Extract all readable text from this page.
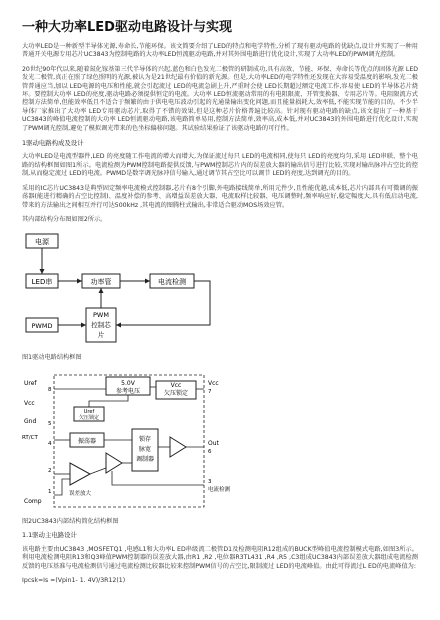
一种大功率LED驱动电路设计与实现
大功率LED是一种新型半导体光源,寿命长,节能环保。该文简要介绍了LED的特点和电学特性,分析了现有驱动电路的优缺点,设计并实现了一种用普通开关电源专用芯片UC3843为控制电路的大功率LED恒流驱动电路,并对其外围电路进行优化设计,实现了大功率LED的PWM调光控制。
20世纪90年代以来,随着氮化镓基第三代半导体的兴起,蓝色和白色发光二极管的研制成功,具有高效、节能、环保、寿命长等优点的固体光源 LED发光二极管,真正在照了绿色照明的光源,被认为是21世纪最有价值的新光源。但是,大功率LED的电学特性还发现在大容易受温度的影响,发光二极管普通应当,加以 LED电源的电压和性能,就会引起流过 LED的电流急剧上升,严重时会使 LED长期超过额定电流工作,容易使 LED的半导体芯片烧坏。要控制大功率 LED的亮度,驱动电路必须提供恒定的电流。大功率 LED恒流驱动常用的有电阻限流、开管变换器、专用芯片等。电阻限流方式控制方法简单,但能效率低且不适合于频繁的由于供电电压波动引起的光通量输出变化问题,而且能量损耗大,效率低,不能实现节能的目的。不少半导体厂家推出了大功率 LED专用驱动芯片,取得了不错的效果,但是这种芯片价格普遍比较高。针对现有驱动电路的缺点,该文提出了一种基于UC3843的峰值电流控制的大功率 LED恒流驱动电路,该电路简单易用,控制方法简单,效率高,成本低,并对UC3843的外围电路进行优化设计,实现了PWM调光控制,避免了模拟调光带来的色坐标偏移问题。其试验结果验证了该驱动电路的可行性。
1驱动电路构成及设计
大功率LED是电流型器件,LED 的亮度随工作电流的增大而增大,为保证流过每只 LED的电流相同,使每只 LED的亮度均匀,采用 LED串联、整个电路的结构框图如图1所示。电流检测为PWM控制电路提供反馈,与PWM控制芯片内的误差放大器的输出信号进行比较,实现对输出脉冲占空比的控制,从而稳定流过 LED的电流。PWMD是数字调光脉冲信号输入,通过调节其占空比可以调节 LED的亮度,达到调光的目的。
采用的IC芯片UC3843是典型固定频率电流模式控制器,芯片有8个引脚,外电路接线简单,所用元件少,且性能优越,成本低,芯片内部具有可微调的振荡器(能进行精确的占空比控制)、温度补偿的参考、高增益误差放大器、电流取样比较器、电压调整时,频率响应好,稳定幅度大,具有低启动电流,带来的方法输出之间相互并行可达500kHz ,其电流的图腾柱式输出,非常适合驱动MOS场效应管。
其内部结构分布图如图2所示。
电源
LED串	功率管	电流检测
PWM
控制芯
片
PWMD
图1驱动电路结构框图
5.0V
参考电压
Vcc
欠压锁定
Uref
欠压锁定
振荡器	锁存
脉宽
调制器
误差放大
Uref
8
Vcc
Gnd 5
RT/CT
4
2
1
Comp
Vcc
7
Out
6
3
电流检测
图2UC3843内部结构简化结构框图
1.1驱动主电路设计
该电路主要由UC3843 ,MOSFETQ1 ,电感L1和大功率L ED串级流二极管D1及检测电阻R12组成的BUCK型峰值电流控制模式电路,如图3所示。利用电流检测电阻R13和Q3峰值PWM控制器的误差放大器,由R1 ,R2 ,电位器R3TL431 ,R4 ,R5 ,C3组成UC3843内部误差放大器组成电流检测反馈的电压基准与电流检测信号通过电流检测比较器比较来控制PWM信号的占空比,限制流过 LED的电流峰值。由此可得流过L ED的电流峰值为:
Ipcsk=Is =(Vpin1- 1. 4V)/3R12(1)
